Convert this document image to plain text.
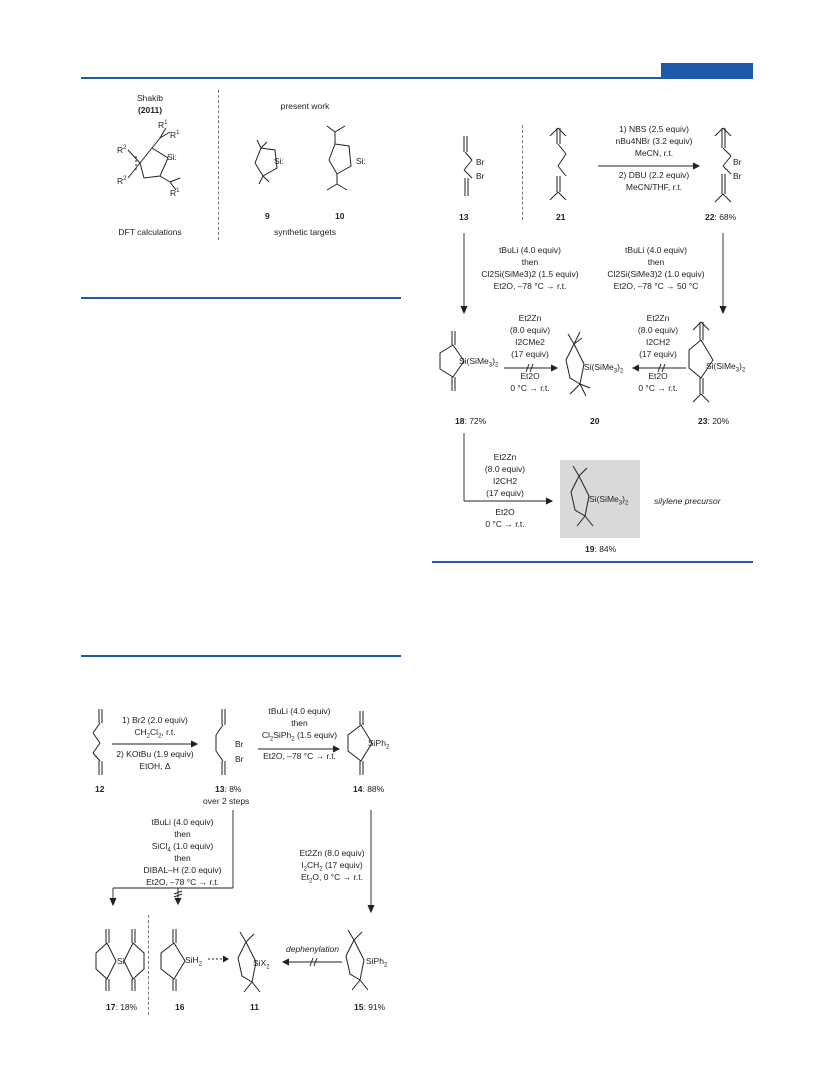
Shakib
(2011)
$R^1$
$R^1$
$R^2$
$R^2$
Si:
$R^1$
DFT calculations
present work
Si:
9
Si:
10
synthetic targets
Br
Br
13	21
1) NBS (2.5 equiv)
nBu4NBr (3.2 equiv)
MeCN, r.t.
2) DBU (2.2 equiv)
MeCN/THF, r.t.
Br
Br
22: 68%
tBuLi (4.0 equiv)
then
Cl2Si(SiMe3)2 (1.5 equiv)
Et2O, –78 °C → r.t.
tBuLi (4.0 equiv)
then
Cl2Si(SiMe3)2 (1.0 equiv)
Et2O, –78 °C → 50 °C
$Si(SiMe_3)_2$
18: 72%
Et2Zn
(8.0 equiv)
I2CMe2
(17 equiv)
Et2O
0 °C → r.t.
$Si(SiMe_3)_2$
20
Et2Zn
(8.0 equiv)
I2CH2
(17 equiv)
Et2O
0 °C → r.t.
$Si(SiMe_3)_2$
23: 20%
Et2Zn
(8.0 equiv)
I2CH2
(17 equiv)
Et2O
0 °C → r.t.
$Si(SiMe_3)_2$	silylene precursor
19: 84%
12
1) Br2 (2.0 equiv)
$CH_2Cl_2$, r.t.
2) KOtBu (1.9 equiv)
EtOH, Δ
Br
Br
13: 8%
over 2 steps
tBuLi (4.0 equiv)
then
$Cl_2SiPh_2$ (1.5 equiv)
Et2O, –78 °C → r.t.
SiPh$_2$
14: 88%
tBuLi (4.0 equiv)
then
SiCl$_4$ (1.0 equiv)
then
DIBAL–H (2.0 equiv)
Et2O, –78 °C → r.t.
Et2Zn (8.0 equiv)
$I_2CH_2$ (17 equiv)
$Et_2O$, 0 °C → r.t.
Si
17: 18%
SiH$_2$
16
SiX$_2$
11
dephenylation
SiPh$_2$
15: 91%
